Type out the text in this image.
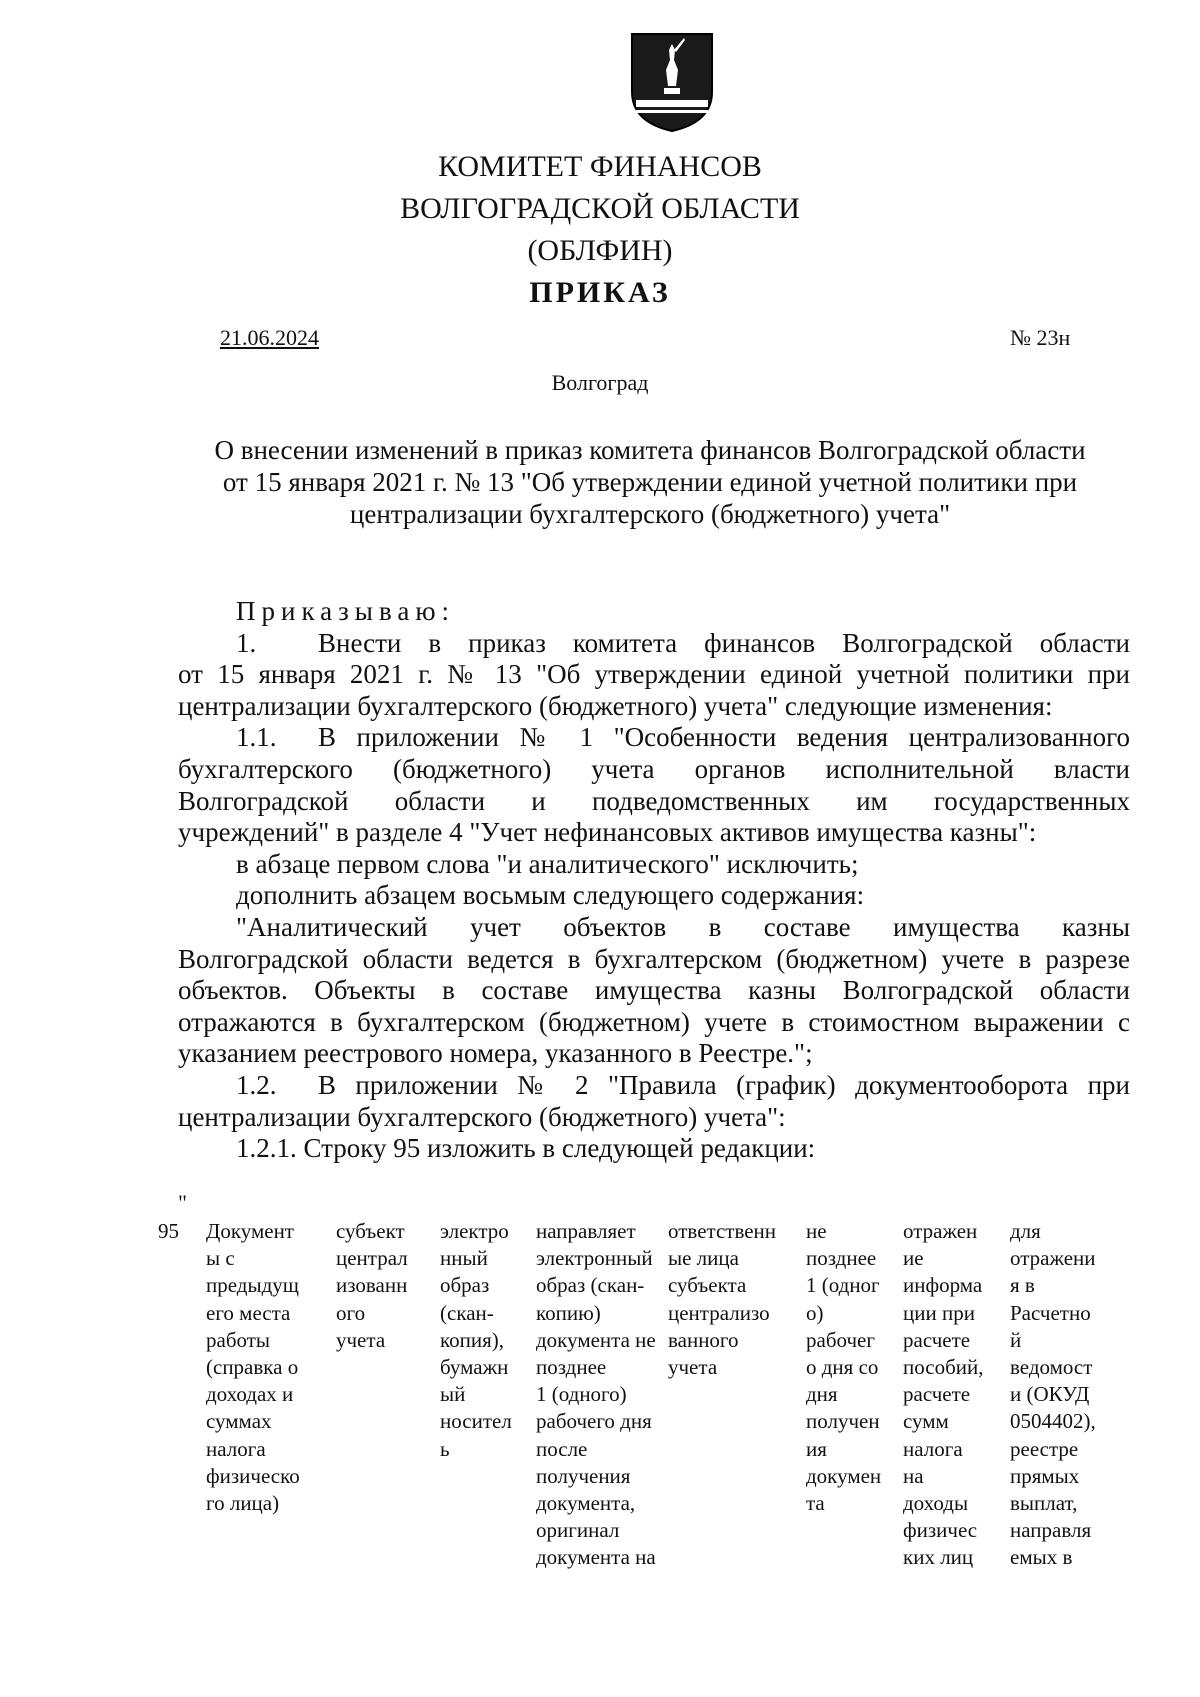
КОМИТЕТ ФИНАНСОВ
ВОЛГОГРАДСКОЙ ОБЛАСТИ
(ОБЛФИН)
ПРИКАЗ
21.06.2024	№ 23н
Волгоград
О внесении изменений в приказ комитета финансов Волгоградской области
от 15 января 2021 г. № 13 "Об утверждении единой учетной политики при
централизации бухгалтерского (бюджетного) учета"
Приказываю:
1. Внести в приказ комитета финансов Волгоградской области
от 15 января 2021 г. № 13 "Об утверждении единой учетной политики при
централизации бухгалтерского (бюджетного) учета" следующие изменения:
1.1. В приложении № 1 "Особенности ведения централизованного
бухгалтерского (бюджетного) учета органов исполнительной власти
Волгоградской области и подведомственных им государственных
учреждений" в разделе 4 "Учет нефинансовых активов имущества казны":
в абзаце первом слова "и аналитического" исключить;
дополнить абзацем восьмым следующего содержания:
"Аналитический учет объектов в составе имущества казны
Волгоградской области ведется в бухгалтерском (бюджетном) учете в разрезе
объектов. Объекты в составе имущества казны Волгоградской области
отражаются в бухгалтерском (бюджетном) учете в стоимостном выражении с
указанием реестрового номера, указанного в Реестре.";
1.2. В приложении № 2 "Правила (график) документооборота при
централизации бухгалтерского (бюджетного) учета":
1.2.1. Строку 95 изложить в следующей редакции:
"
95 Документ
ы с
предыдущ
его места
работы
(справка о
доходах и
суммах
налога
физическо
го лица)
субъект
централ
изованн
ого
учета
электро
нный
образ
(скан-
копия),
бумажн
ый
носител
ь
направляет
электронный
образ (скан-
копию)
документа не
позднее
1 (одного)
рабочего дня
после
получения
документа,
оригинал
документа на
ответственн
ые лица
субъекта
централизо
ванного
учета
не
позднее
1 (одног
о)
рабочег
о дня со
дня
получен
ия
докумен
та
отражен
ие
информа
ции при
расчете
пособий,
расчете
сумм
налога
на
доходы
физичес
ких лиц
для
отражени
я в
Расчетно
й
ведомост
и (ОКУД
0504402),
реестре
прямых
выплат,
направля
емых в
